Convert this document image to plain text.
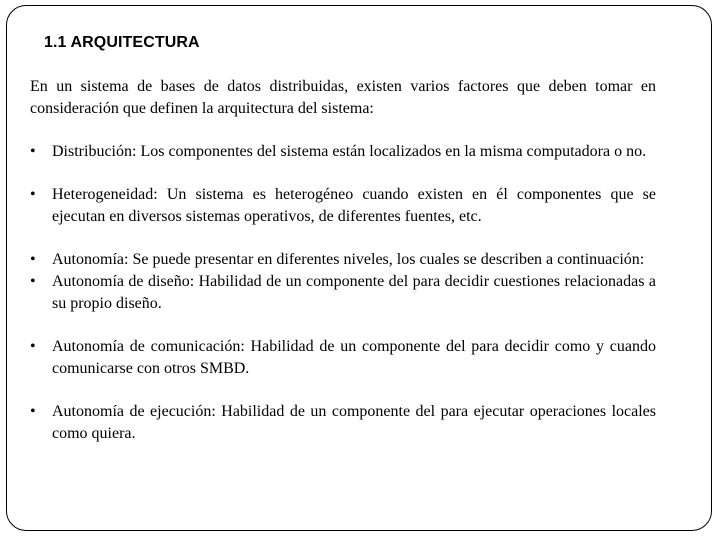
1.1 ARQUITECTURA

En un sistema de bases de datos distribuidas, existen varios factores que deben tomar en consideración que definen la arquitectura del sistema:

• Distribución: Los componentes del sistema están localizados en la misma computadora o no.
• Heterogeneidad: Un sistema es heterogéneo cuando existen en él componentes que se ejecutan en diversos sistemas operativos, de diferentes fuentes, etc.
• Autonomía: Se puede presentar en diferentes niveles, los cuales se describen a continuación:
• Autonomía de diseño: Habilidad de un componente del para decidir cuestiones relacionadas a su propio diseño.
• Autonomía de comunicación: Habilidad de un componente del para decidir como y cuando comunicarse con otros SMBD.
• Autonomía de ejecución: Habilidad de un componente del para ejecutar operaciones locales como quiera.
